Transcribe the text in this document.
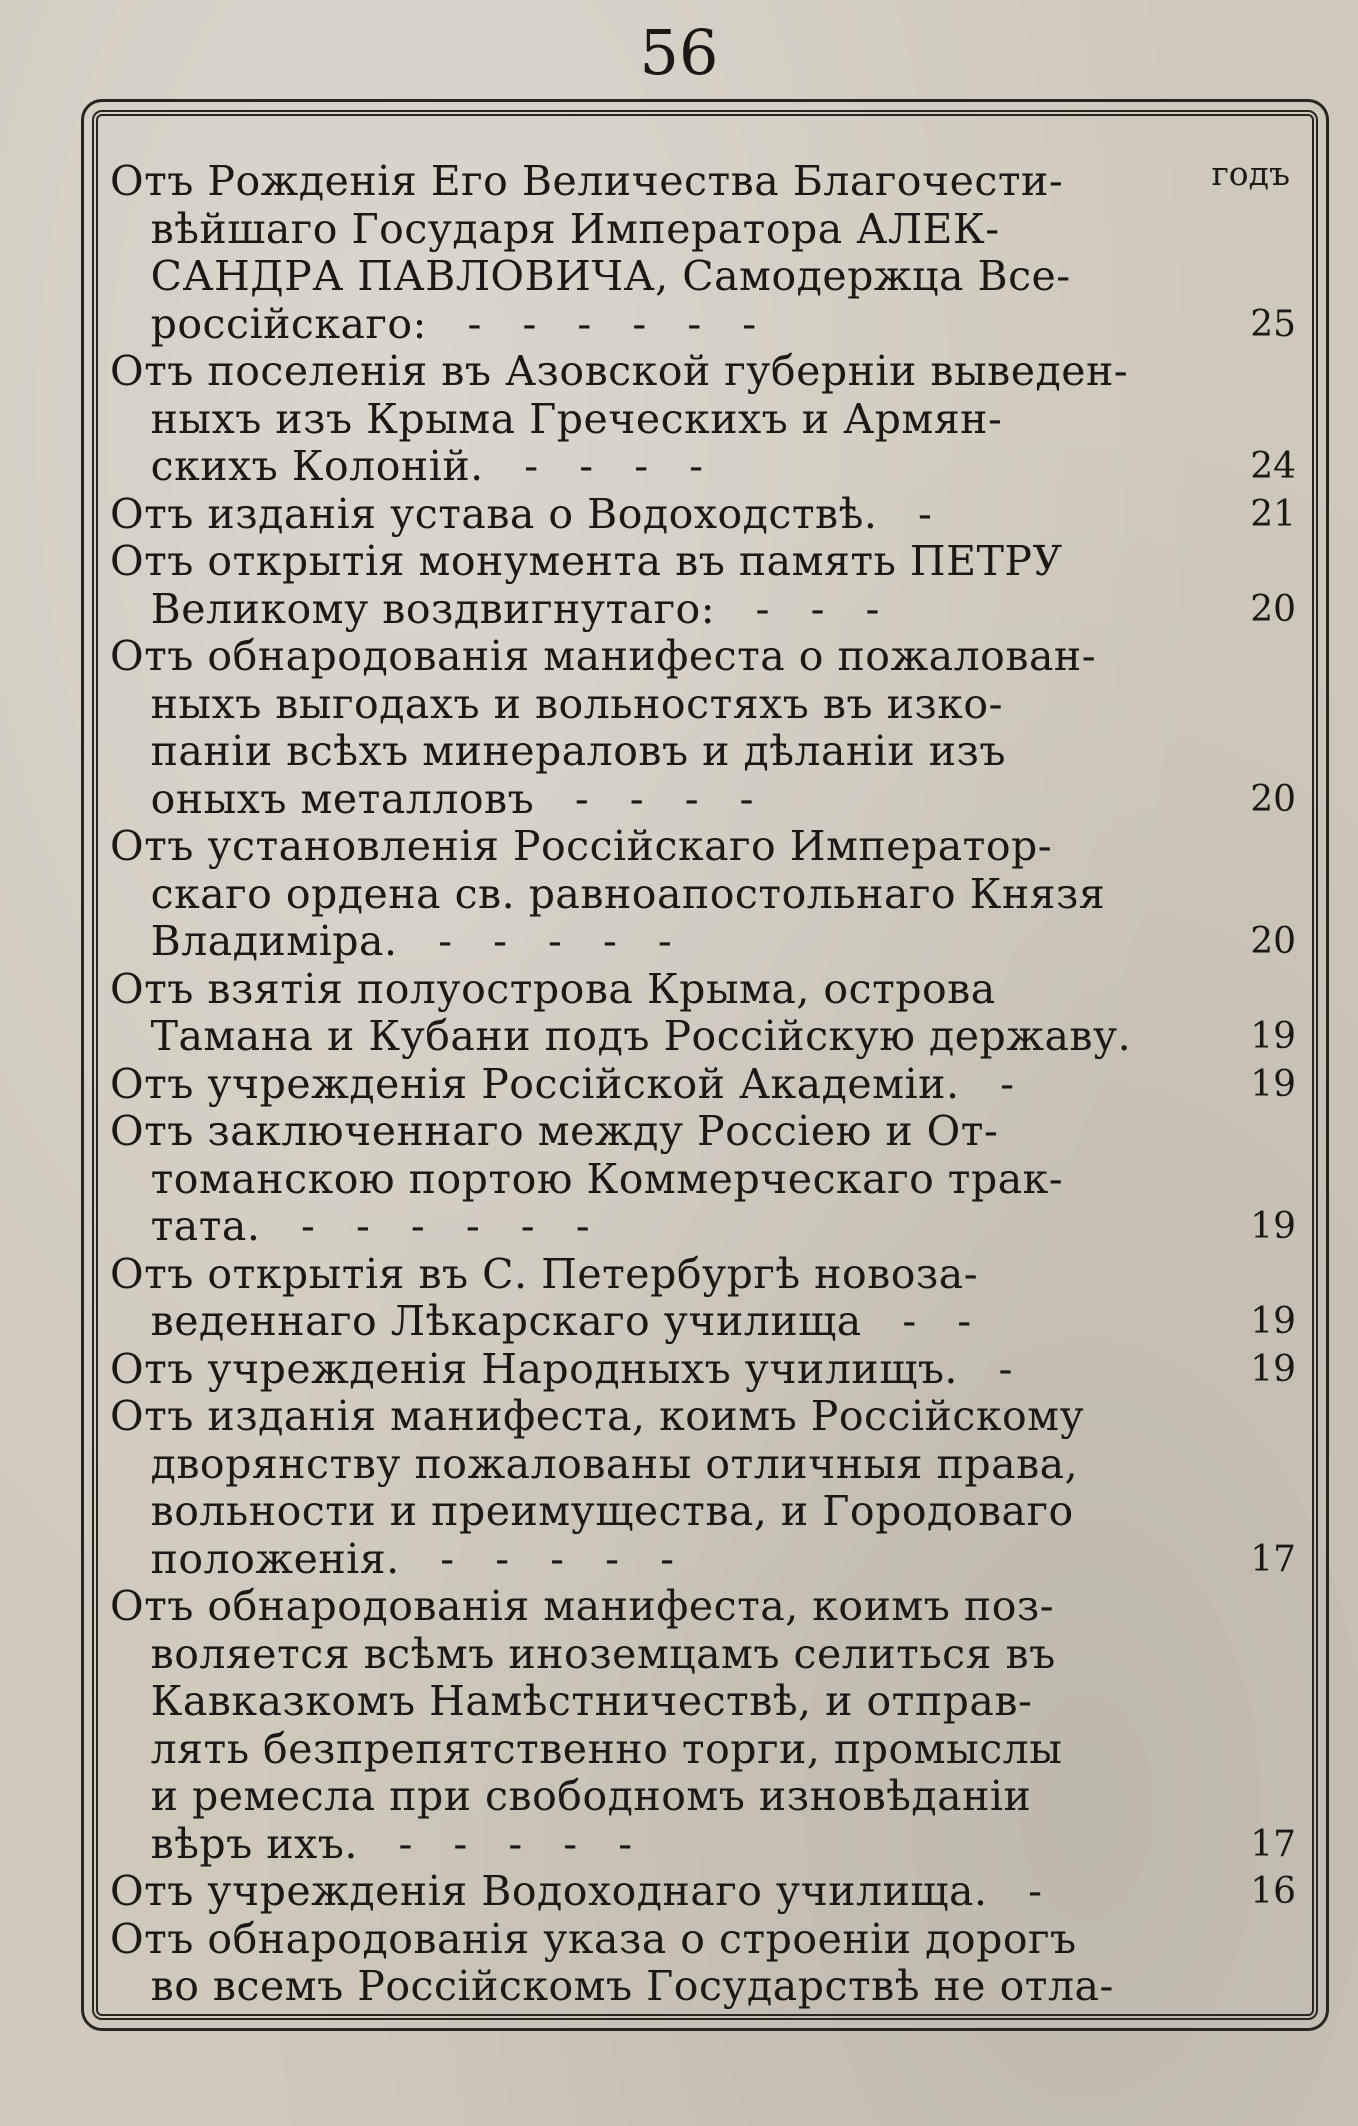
56
годъ
Отъ Рожденія Его Величества Благочести-
вѣйшаго Государя Императора АЛЕК-
САНДРА ПАВЛОВИЧА, Самодержца Все-
россійскаго:   -   -   -   -   -   -	25
Отъ поселенія въ Азовской губерніи выведен-
ныхъ изъ Крыма Греческихъ и Армян-
скихъ Колоній.   -   -   -   -	24
Отъ изданія устава о Водоходствѣ.   -	21
Отъ открытія монумента въ память ПЕТРУ
Великому воздвигнутаго:   -   -   -	20
Отъ обнародованія манифеста о пожалован-
ныхъ выгодахъ и вольностяхъ въ изко-
паніи всѣхъ минераловъ и дѣланіи изъ
оныхъ металловъ   -   -   -   -	20
Отъ установленія Россійскаго Император-
скаго ордена св. равноапостольнаго Князя
Владиміра.   -   -   -   -   -	20
Отъ взятія полуострова Крыма, острова
Тамана и Кубани подъ Россійскую державу.	19
Отъ учрежденія Россійской Академіи.   -	19
Отъ заключеннаго между Россіею и От-
томанскою портою Коммерческаго трак-
тата.   -   -   -   -   -   -	19
Отъ открытія въ С. Петербургѣ новоза-
веденнаго Лѣкарскаго училища   -   -	19
Отъ учрежденія Народныхъ училищъ.   -	19
Отъ изданія манифеста, коимъ Россійскому
дворянству пожалованы отличныя права,
вольности и преимущества, и Городоваго
положенія.   -   -   -   -   -	17
Отъ обнародованія манифеста, коимъ поз-
воляется всѣмъ иноземцамъ селиться въ
Кавказкомъ Намѣстничествѣ, и отправ-
лять безпрепятственно торги, промыслы
и ремесла при свободномъ изновѣданіи
вѣръ ихъ.   -   -   -   -   -	17
Отъ учрежденія Водоходнаго училища.   -	16
Отъ обнародованія указа о строеніи дорогъ
во всемъ Россійскомъ Государствѣ не отла-
